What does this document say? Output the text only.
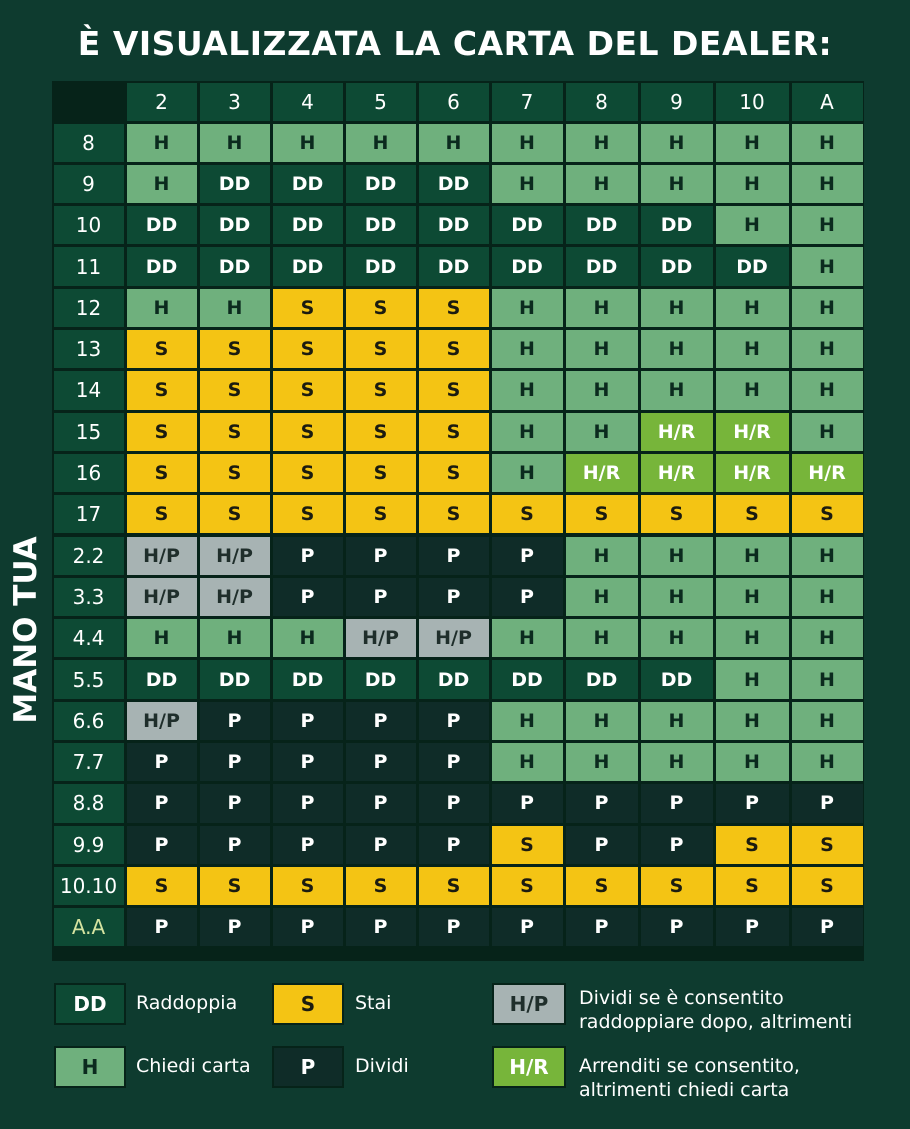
È VISUALIZZATA LA CARTA DEL DEALER:
MANO TUA
2	3	4	5	6	7	8	9	10	A
8	H	H	H	H	H	H	H	H	H	H
9	H	DD	DD	DD	DD	H	H	H	H	H
10	DD	DD	DD	DD	DD	DD	DD	DD	H	H
11	DD	DD	DD	DD	DD	DD	DD	DD	DD	H
12	H	H	S	S	S	H	H	H	H	H
13	S	S	S	S	S	H	H	H	H	H
14	S	S	S	S	S	H	H	H	H	H
15	S	S	S	S	S	H	H	H/R	H/R	H
16	S	S	S	S	S	H	H/R	H/R	H/R	H/R
17	S	S	S	S	S	S	S	S	S	S
2.2	H/P	H/P	P	P	P	P	H	H	H	H
3.3	H/P	H/P	P	P	P	P	H	H	H	H
4.4	H	H	H	H/P	H/P	H	H	H	H	H
5.5	DD	DD	DD	DD	DD	DD	DD	DD	H	H
6.6	H/P	P	P	P	P	H	H	H	H	H
7.7	P	P	P	P	P	H	H	H	H	H
8.8	P	P	P	P	P	P	P	P	P	P
9.9	P	P	P	P	P	S	P	P	S	S
10.10	S	S	S	S	S	S	S	S	S	S
A.A	P	P	P	P	P	P	P	P	P	P
DD	Raddoppia	S	Stai	H/P	Dividi se è consentito raddoppiare dopo, altrimenti
H	Chiedi carta	P	Dividi	H/R	Arrenditi se consentito, altrimenti chiedi carta
